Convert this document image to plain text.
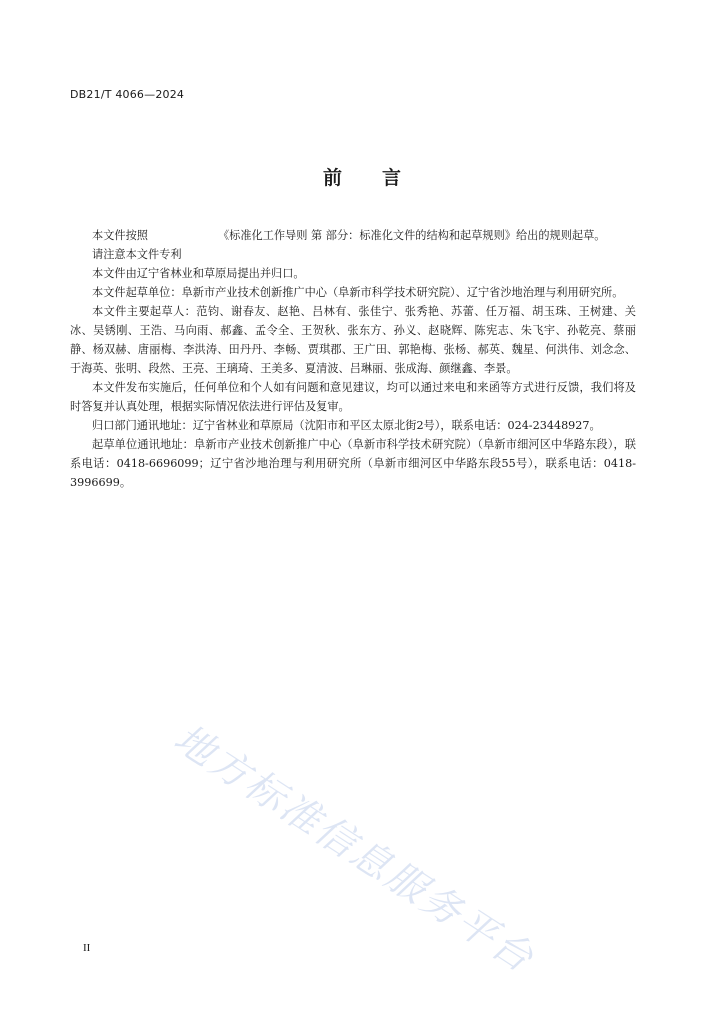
DB21/T 4066—2024
前 言

本文件按照	《标准化工作导则 第 部分：标准化文件的结构和起草规则》给出的规则起草。

请注意本文件专利

本文件由辽宁省林业和草原局提出并归口。

本文件起草单位：阜新市产业技术创新推广中心（阜新市科学技术研究院）、辽宁省沙地治理与利用研究所。

本文件主要起草人：范钧、谢春友、赵艳、吕林有、张佳宁、张秀艳、苏蕾、任万福、胡玉珠、王树建、关冰、吴锈刚、王浩、马向雨、郝鑫、孟令全、王贺秋、张东方、孙义、赵晓辉、陈宪志、朱飞宇、孙乾亮、蔡丽静、杨双赫、唐丽梅、李洪涛、田丹丹、李畅、贾琪郡、王广田、郭艳梅、张杨、郝英、魏星、何洪伟、刘念念、于海英、张明、段然、王亮、王璃琦、王美多、夏清波、吕琳丽、张成海、颜继鑫、李景。

本文件发布实施后，任何单位和个人如有问题和意见建议，均可以通过来电和来函等方式进行反馈，我们将及时答复并认真处理，根据实际情况依法进行评估及复审。

归口部门通讯地址：辽宁省林业和草原局（沈阳市和平区太原北街2号），联系电话：024-23448927。

起草单位通讯地址：阜新市产业技术创新推广中心（阜新市科学技术研究院）（阜新市细河区中华路东段），联系电话：0418-6696099；辽宁省沙地治理与利用研究所（阜新市细河区中华路东段55号），联系电话：0418-3996699。

地方标准信息服务平台
II
